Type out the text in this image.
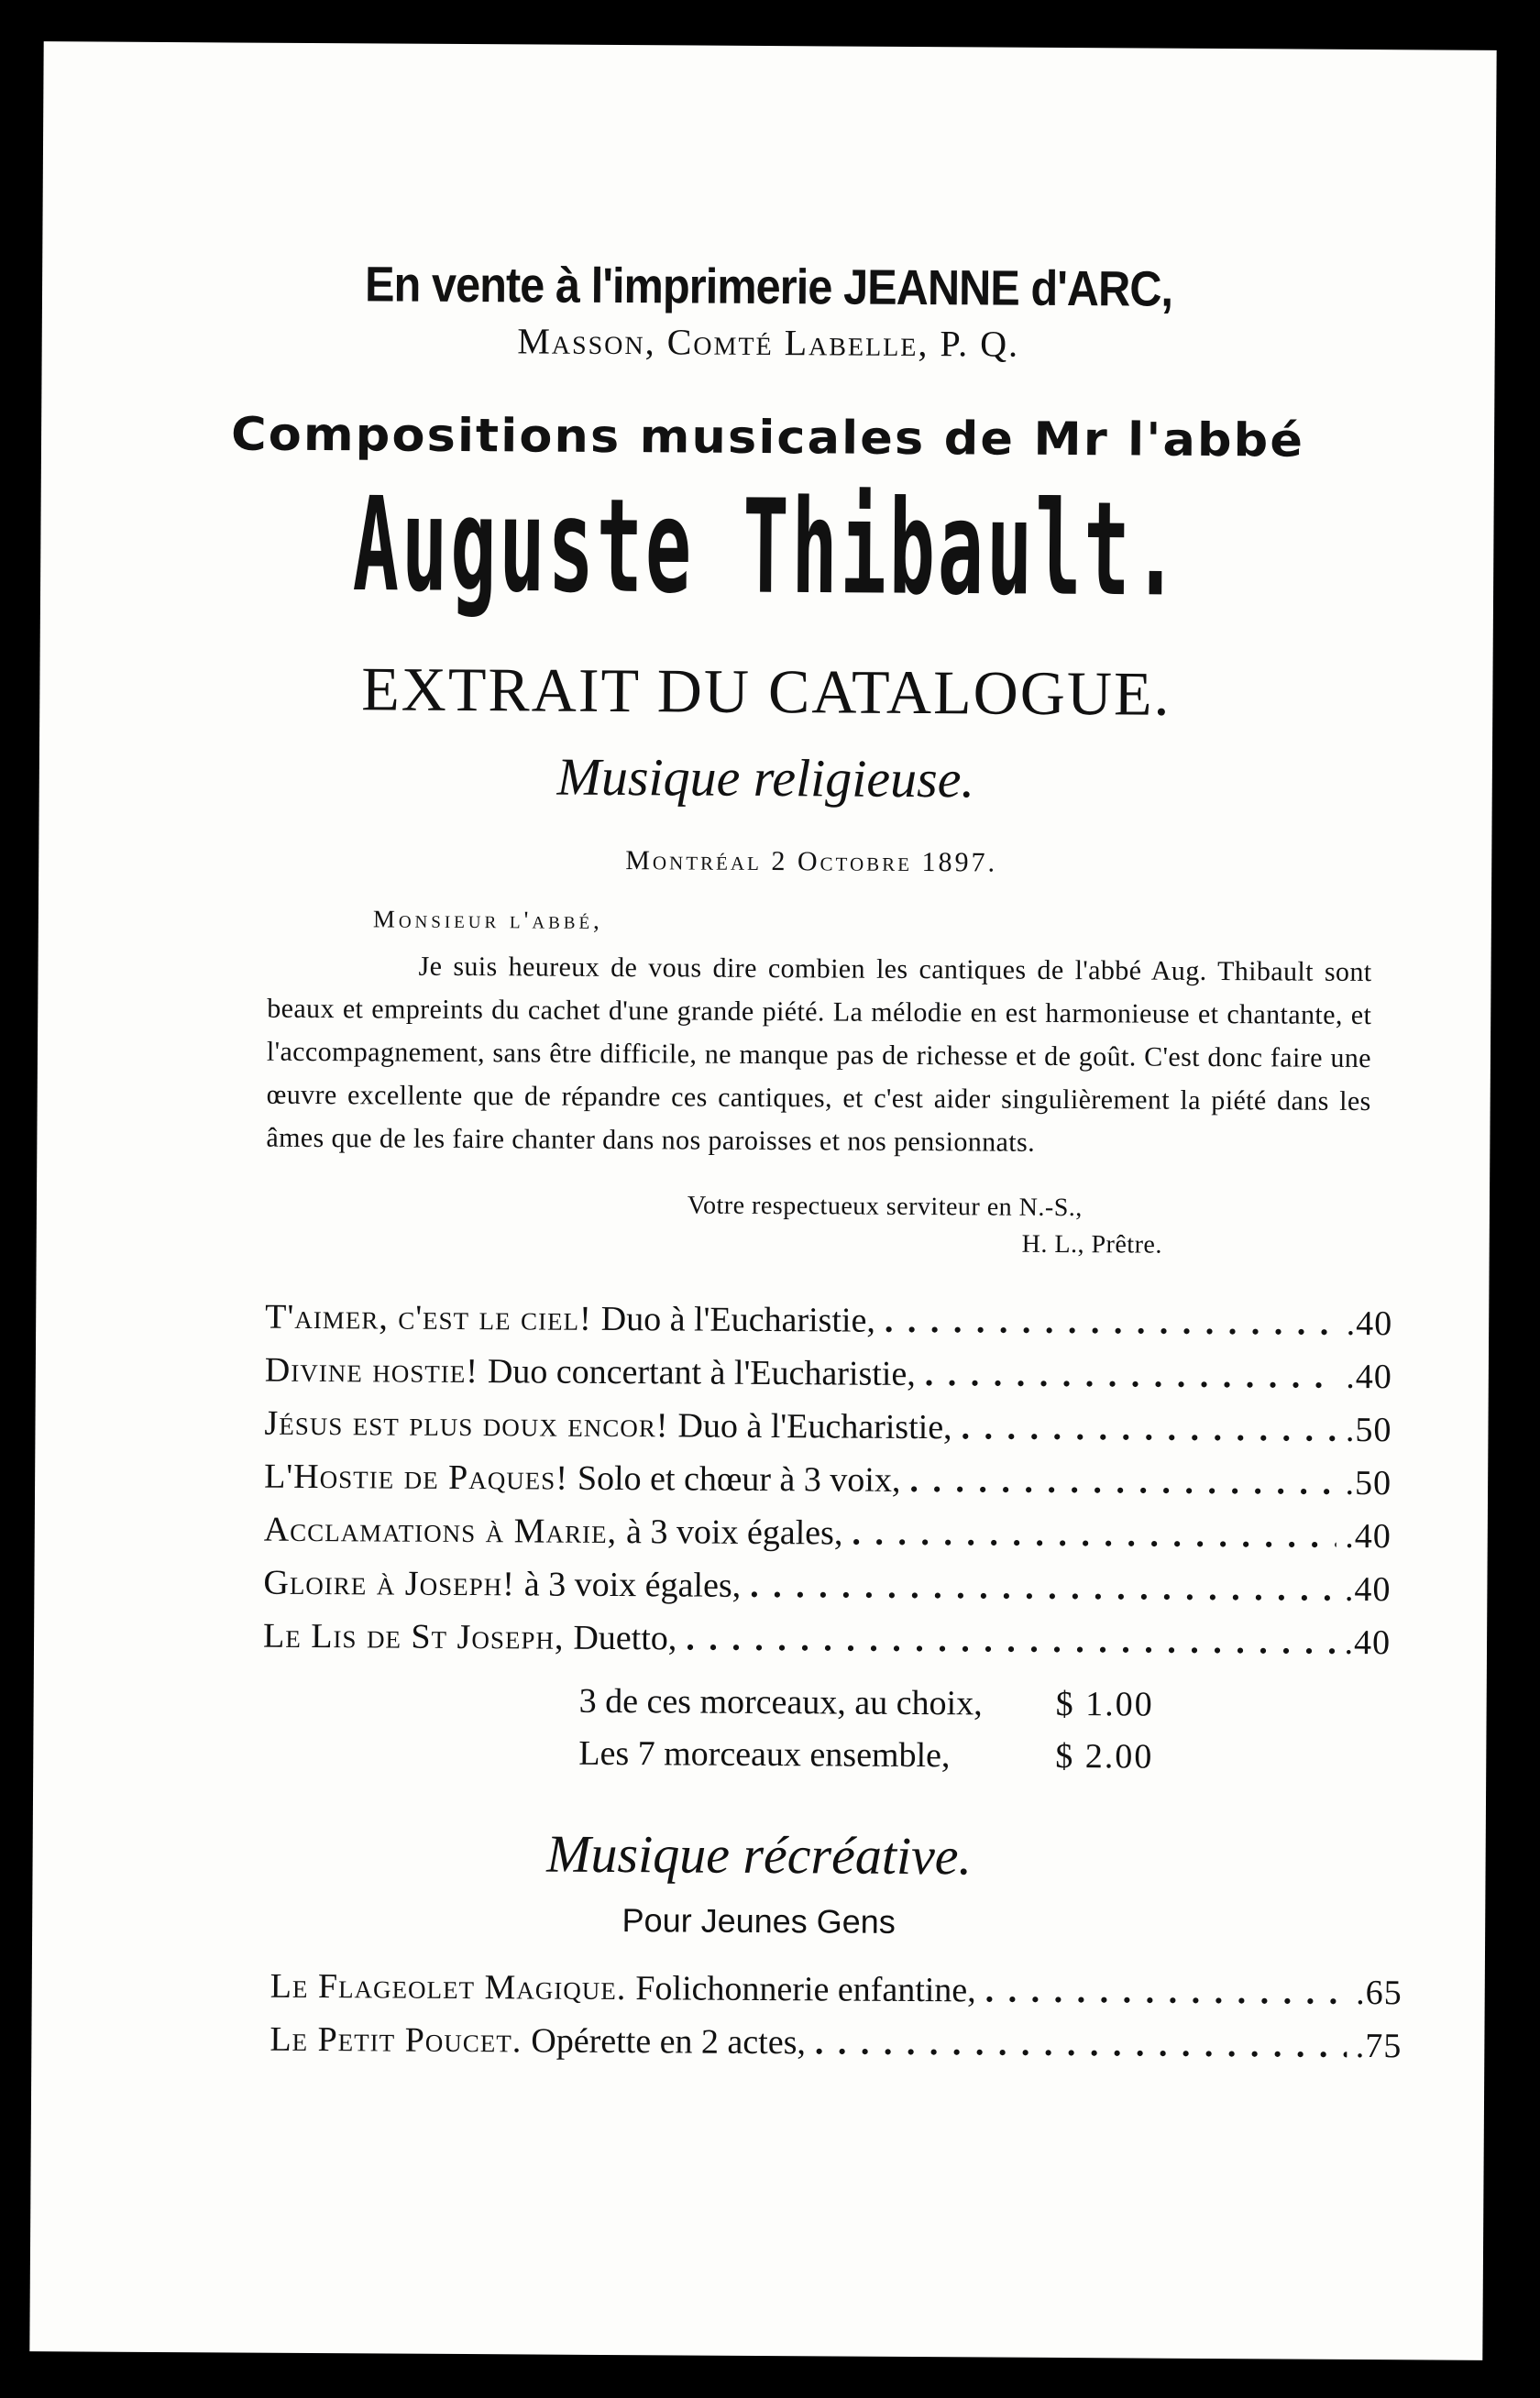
En vente à l'imprimerie JEANNE d'ARC,
Masson, Comté Labelle, P. Q.
Compositions musicales de Mr l'abbé
Auguste Thibault.
EXTRAIT DU CATALOGUE.
Musique religieuse.
Montréal 2 Octobre 1897.
Monsieur l'abbé,
Je suis heureux de vous dire combien les cantiques de l'abbé Aug. Thibault sont beaux et empreints du cachet d'une grande piété. La mélodie en est harmonieuse et chantante, et l'accompagnement, sans être difficile, ne manque pas de richesse et de goût. C'est donc faire une œuvre excellente que de répandre ces cantiques, et c'est aider singulièrement la piété dans les âmes que de les faire chanter dans nos paroisses et nos pensionnats.
Votre respectueux serviteur en N.-S.,
H. L., Prêtre.
T'aimer, c'est le ciel! Duo à l'Eucharistie, . . .	.40
Divine hostie! Duo concertant à l'Eucharistie, . . .	.40
Jésus est plus doux encor! Duo à l'Eucharistie, . . .	.50
L'Hostie de Paques! Solo et chœur à 3 voix, . . .	.50
Acclamations à Marie, à 3 voix égales, . . .	.40
Gloire à Joseph! à 3 voix égales, . . .	.40
Le Lis de St Joseph, Duetto, . . .	.40
3 de ces morceaux, au choix,	$ 1.00
Les 7 morceaux ensemble,	$ 2.00
Musique récréative.
Pour Jeunes Gens
Le Flageolet Magique. Folichonnerie enfantine, . . .	.65
Le Petit Poucet. Opérette en 2 actes, . . .	.75
